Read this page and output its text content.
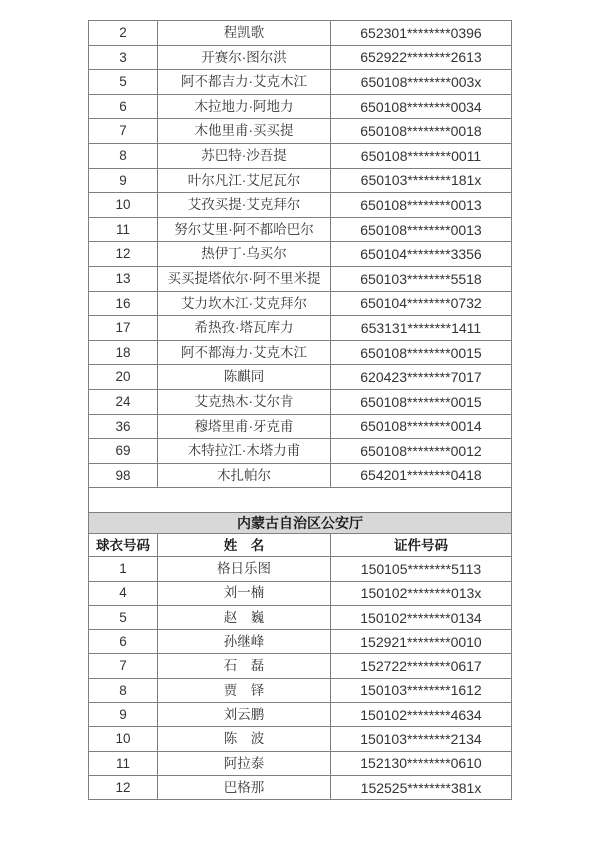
2	程凯歌	652301********0396
3	开赛尔·图尔洪	652922********2613
5	阿不都吉力·艾克木江	650108********003x
6	木拉地力·阿地力	650108********0034
7	木他里甫·买买提	650108********0018
8	苏巴特·沙吾提	650108********0011
9	叶尔凡江·艾尼瓦尔	650103********181x
10	艾孜买提·艾克拜尔	650108********0013
11	努尔艾里·阿不都哈巴尔	650108********0013
12	热伊丁·乌买尔	650104********3356
13	买买提塔依尔·阿不里米提	650103********5518
16	艾力坎木江·艾克拜尔	650104********0732
17	希热孜·塔瓦库力	653131********1411
18	阿不都海力·艾克木江	650108********0015
20	陈麒同	620423********7017
24	艾克热木·艾尔肯	650108********0015
36	穆塔里甫·牙克甫	650108********0014
69	木特拉江·木塔力甫	650108********0012
98	木扎帕尔	654201********0418
内蒙古自治区公安厅
球衣号码	姓　名	证件号码
1	格日乐图	150105********5113
4	刘一楠	150102********013x
5	赵　巍	150102********0134
6	孙继峰	152921********0010
7	石　磊	152722********0617
8	贾　铎	150103********1612
9	刘云鹏	150102********4634
10	陈　波	150103********2134
11	阿拉泰	152130********0610
12	巴格那	152525********381x
